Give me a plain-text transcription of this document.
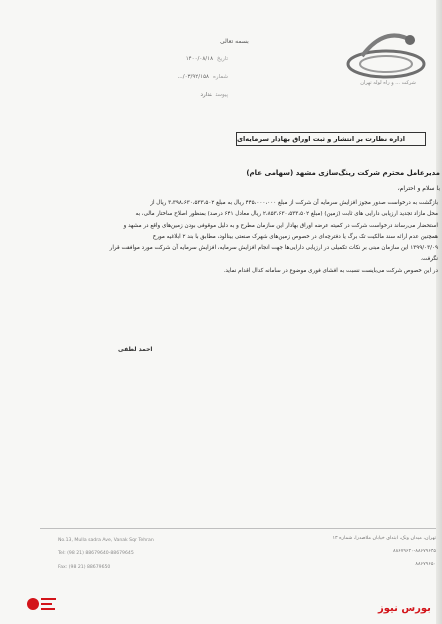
بسمه تعالی
تاریخ۱۴۰۰/۰۸/۱۸
شماره۰۳/۹۲/۱۵۸/...
پیوستندارد
شرکت ... و راه لوله تهران
اداره نظارت بر انتشار و ثبت اوراق بهادار سرمایه‌ای
مدیرعامل محترم شرکت رینگ‌سازی مشهد (سهامی عام)
با سلام و احترام،
بازگشت به درخواست صدور مجوز افزایش سرمایه آن شرکت از مبلغ ۴۴۵،۰۰۰،۰۰۰ ریال به مبلغ ۳،۳۹۸،۶۳۰،۵۳۳،۵۰۲ ریال از
محل مازاد تجدید ارزیابی دارایی های ثابت (زمین) (مبلغ ۲،۸۵۳،۶۳۰،۵۳۳،۵۰۲ ریال معادل ۶۴۱ درصد) بمنظور اصلاح ساختار مالی، به
استحضار می‌رساند درخواست شرکت در کمیته عرضه اوراق بهادار این سازمان مطرح و به دلیل موقوفی بودن زمین‌های واقع در مشهد و
همچنین عدم ارائه سند مالکیت تک برگ یا دفترچه‌ای در خصوص زمین‌های شهرک صنعتی بینالود، مطابق با بند ۲ ابلاغیه مورخ
۱۳۹۹/۰۳/۰۹ این سازمان مبنی بر نکات تکمیلی در ارزیابی دارایی‌ها جهت انجام افزایش سرمایه، افزایش سرمایه آن شرکت مورد موافقت قرار
نگرفت.
در این خصوص شرکت می‌بایست نسبت به افشای فوری موضوع در سامانه کدال اقدام نماید.
احمد لطفی
No.13, Mulla sadra Ave, Vanak Sqr Tehran
Tel: (98 21) 88679640-88679645
Fax: (98 21) 88679650
تهران، میدان ونک، ابتدای خیابان ملاصدرا، شماره ۱۳
۸۸۶۷۹۶۴۰-۸۸۶۷۹۶۴۵
۸۸۶۷۹۶۵۰
بورس نیوز
